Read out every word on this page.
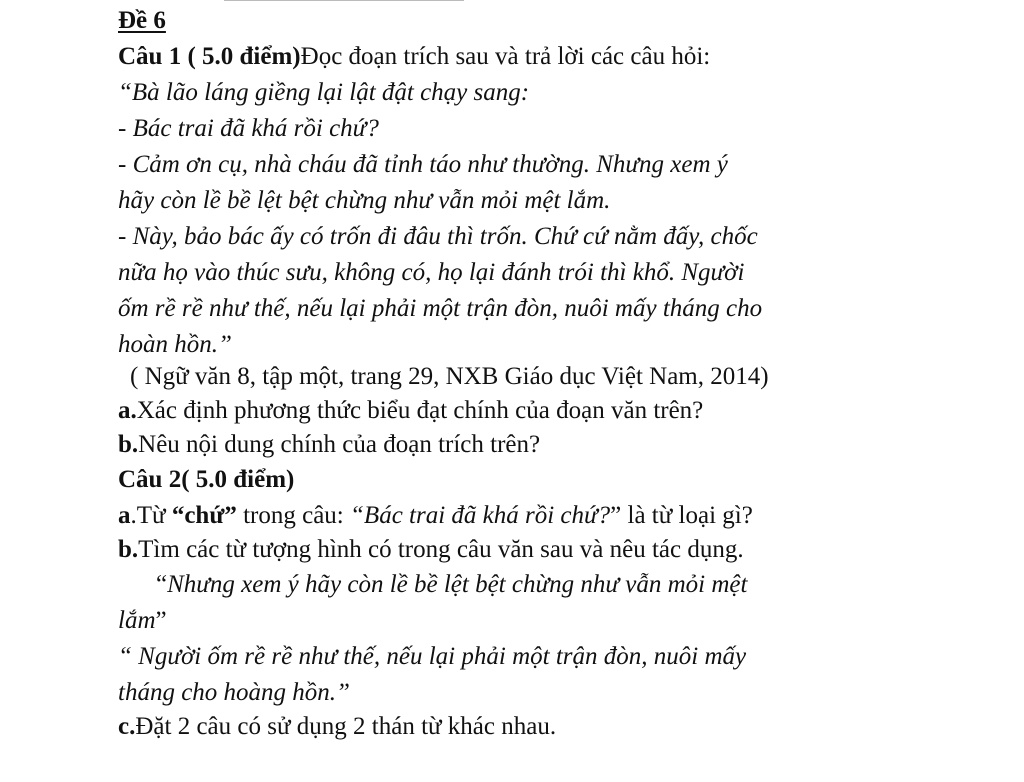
Đề 6
Câu 1 ( 5.0 điểm)Đọc đoạn trích sau và trả lời các câu hỏi:
“Bà lão láng giềng lại lật đật chạy sang:
- Bác trai đã khá rồi chứ?
- Cảm ơn cụ, nhà cháu đã tỉnh táo như thường. Nhưng xem ý
hãy còn lề bề lệt bệt chừng như vẫn mỏi mệt lắm.
- Này, bảo bác ấy có trốn đi đâu thì trốn. Chứ cứ nằm đấy, chốc
nữa họ vào thúc sưu, không có, họ lại đánh trói thì khổ. Người
ốm rề rề như thế, nếu lại phải một trận đòn, nuôi mấy tháng cho
hoàn hồn.”
( Ngữ văn 8, tập một, trang 29, NXB Giáo dục Việt Nam, 2014)
a.Xác định phương thức biểu đạt chính của đoạn văn trên?
b.Nêu nội dung chính của đoạn trích trên?
Câu 2( 5.0 điểm)
a.Từ “chứ” trong câu: “Bác trai đã khá rồi chứ?” là từ loại gì?
b.Tìm các từ tượng hình có trong câu văn sau và nêu tác dụng.
“Nhưng xem ý hãy còn lề bề lệt bệt chừng như vẫn mỏi mệt
lắm”
“ Người ốm rề rề như thế, nếu lại phải một trận đòn, nuôi mấy
tháng cho hoàng hồn.”
c.Đặt 2 câu có sử dụng 2 thán từ khác nhau.
